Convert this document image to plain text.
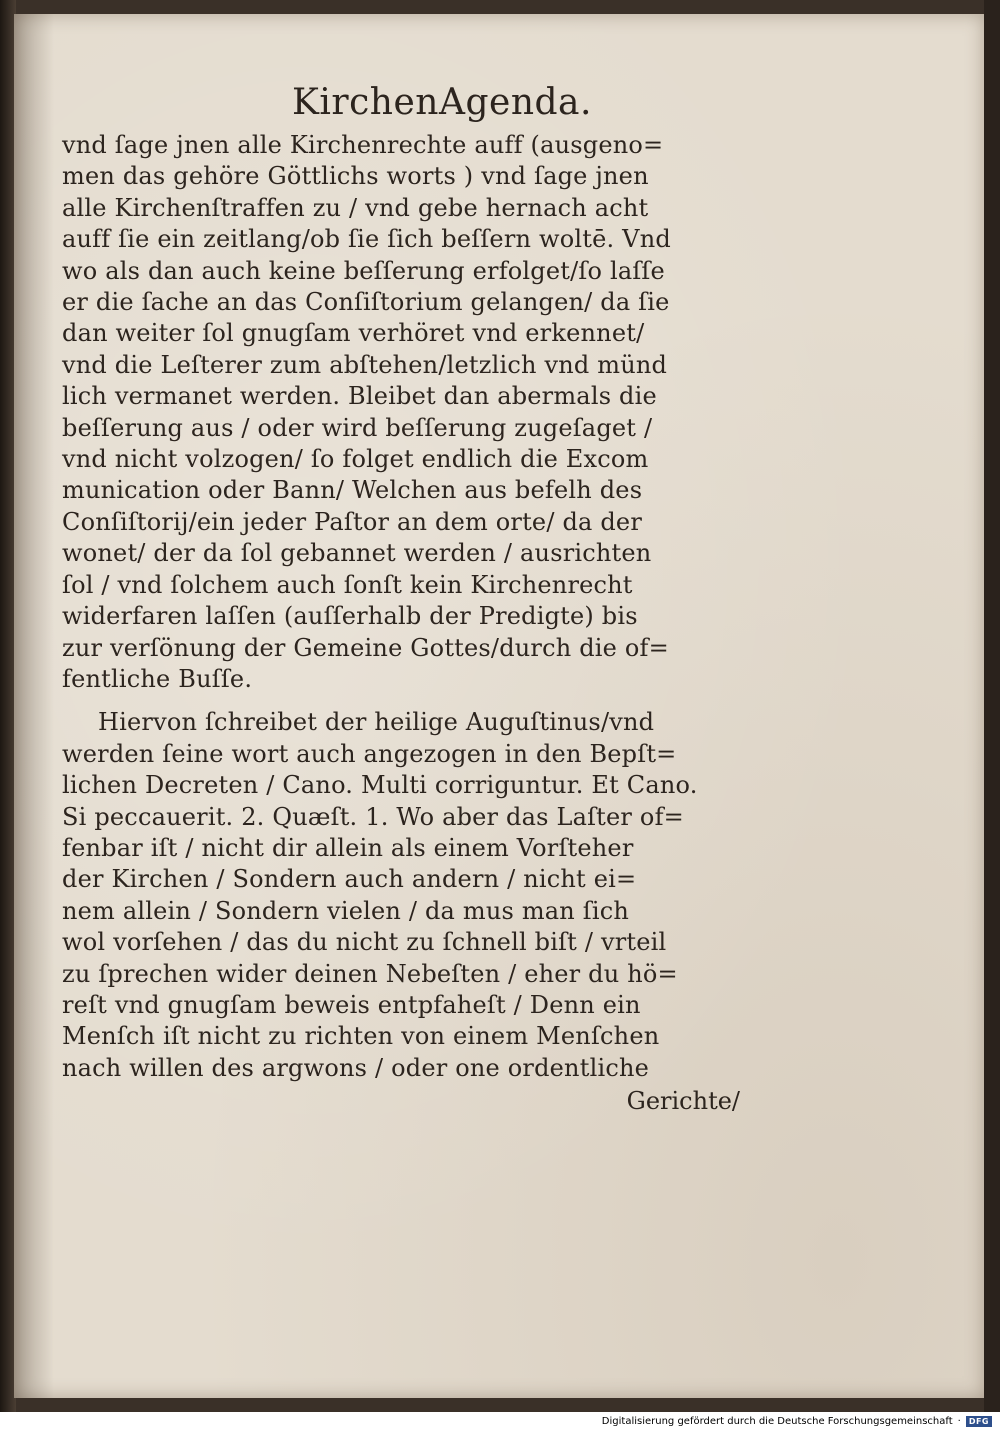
KirchenAgenda.
vnd ſage jnen alle Kirchenrechte auff (ausgeno=
men das gehöre Göttlichs worts ) vnd ſage jnen
alle Kirchenſtraffen zu / vnd gebe hernach acht
auff ſie ein zeitlang/ob ſie ſich beſſern woltē. Vnd
wo als dan auch keine beſſerung erfolget/ſo laſſe
er die ſache an das Conſiſtorium gelangen/ da ſie
dan weiter ſol gnugſam verhöret vnd erkennet/
vnd die Leſterer zum abſtehen/letzlich vnd münd
lich vermanet werden. Bleibet dan abermals die
beſſerung aus / oder wird beſſerung zugeſaget /
vnd nicht volzogen/ ſo folget endlich die Excom
munication oder Bann/ Welchen aus befelh des
Conſiſtorij/ein jeder Paſtor an dem orte/ da der
wonet/ der da ſol gebannet werden / ausrichten
ſol / vnd ſolchem auch ſonſt kein Kirchenrecht
widerfaren laſſen (auſſerhalb der Predigte) bis
zur verſönung der Gemeine Gottes/durch die of=
fentliche Buſſe.
Hiervon ſchreibet der heilige Auguſtinus/vnd
werden ſeine wort auch angezogen in den Bepſt=
lichen Decreten / Cano. Multi corriguntur. Et Cano.
Si peccauerit. 2. Quæſt. 1. Wo aber das Laſter of=
fenbar iſt / nicht dir allein als einem Vorſteher
der Kirchen / Sondern auch andern / nicht ei=
nem allein / Sondern vielen / da mus man ſich
wol vorſehen / das du nicht zu ſchnell biſt / vrteil
zu ſprechen wider deinen Nebeſten / eher du hö=
reſt vnd gnugſam beweis entpfaheſt / Denn ein
Menſch iſt nicht zu richten von einem Menſchen
nach willen des argwons / oder one ordentliche
Gerichte/
Digitalisierung gefördert durch die Deutsche Forschungsgemeinschaft ·	DFG
